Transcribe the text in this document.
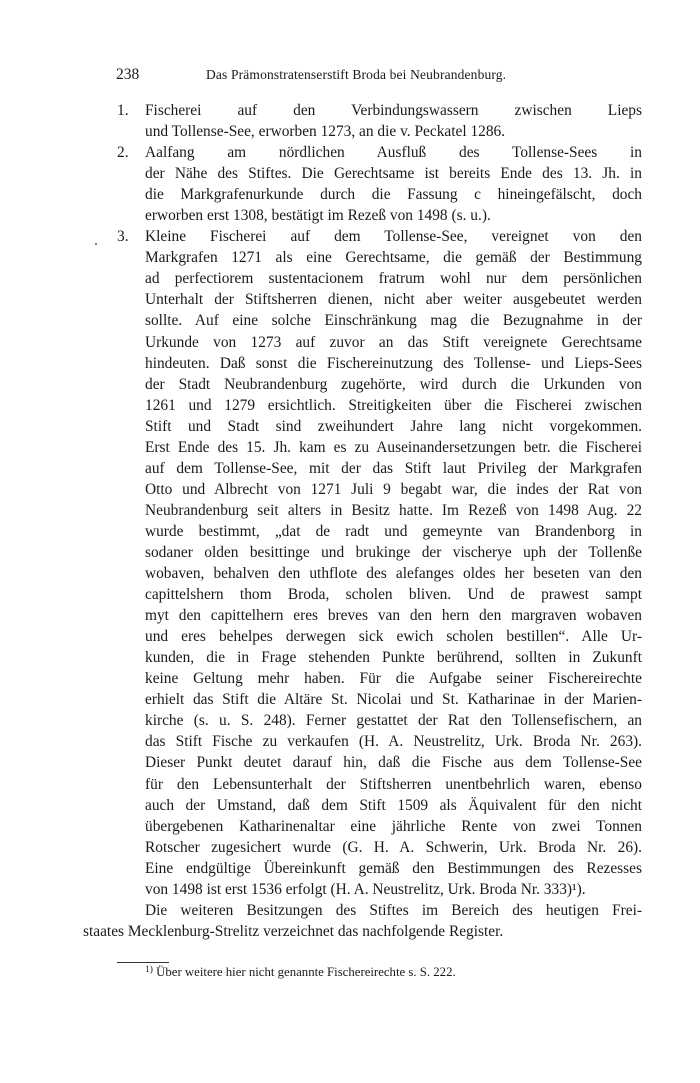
238	Das Prämonstratenserstift Broda bei Neubrandenburg.
1. Fischerei auf den Verbindungswassern zwischen Lieps
und Tollense-See, erworben 1273, an die v. Peckatel 1286.
2. Aalfang am nördlichen Ausfluß des Tollense-Sees in
der Nähe des Stiftes. Die Gerechtsame ist bereits Ende des 13. Jh. in
die Markgrafenurkunde durch die Fassung c hineingefälscht, doch
erworben erst 1308, bestätigt im Rezeß von 1498 (s. u.).
3. Kleine Fischerei auf dem Tollense-See, vereignet von den
Markgrafen 1271 als eine Gerechtsame, die gemäß der Bestimmung
ad perfectiorem sustentacionem fratrum wohl nur dem persönlichen
Unterhalt der Stiftsherren dienen, nicht aber weiter ausgebeutet werden
sollte. Auf eine solche Einschränkung mag die Bezugnahme in der
Urkunde von 1273 auf zuvor an das Stift vereignete Gerechtsame
hindeuten. Daß sonst die Fischereinutzung des Tollense- und Lieps-Sees
der Stadt Neubrandenburg zugehörte, wird durch die Urkunden von
1261 und 1279 ersichtlich. Streitigkeiten über die Fischerei zwischen
Stift und Stadt sind zweihundert Jahre lang nicht vorgekommen.
Erst Ende des 15. Jh. kam es zu Auseinandersetzungen betr. die Fischerei
auf dem Tollense-See, mit der das Stift laut Privileg der Markgrafen
Otto und Albrecht von 1271 Juli 9 begabt war, die indes der Rat von
Neubrandenburg seit alters in Besitz hatte. Im Rezeß von 1498 Aug. 22
wurde bestimmt, „dat de radt und gemeynte van Brandenborg in
sodaner olden besittinge und brukinge der vischerye uph der Tollenße
wobaven, behalven den uthflote des alefanges oldes her beseten van den
capittelshern thom Broda, scholen bliven. Und de prawest sampt
myt den capittelhern eres breves van den hern den margraven wobaven
und eres behelpes derwegen sick ewich scholen bestillen“. Alle Ur-
kunden, die in Frage stehenden Punkte berührend, sollten in Zukunft
keine Geltung mehr haben. Für die Aufgabe seiner Fischereirechte
erhielt das Stift die Altäre St. Nicolai und St. Katharinae in der Marien-
kirche (s. u. S. 248). Ferner gestattet der Rat den Tollensefischern, an
das Stift Fische zu verkaufen (H. A. Neustrelitz, Urk. Broda Nr. 263).
Dieser Punkt deutet darauf hin, daß die Fische aus dem Tollense-See
für den Lebensunterhalt der Stiftsherren unentbehrlich waren, ebenso
auch der Umstand, daß dem Stift 1509 als Äquivalent für den nicht
übergebenen Katharinenaltar eine jährliche Rente von zwei Tonnen
Rotscher zugesichert wurde (G. H. A. Schwerin, Urk. Broda Nr. 26).
Eine endgültige Übereinkunft gemäß den Bestimmungen des Rezesses
von 1498 ist erst 1536 erfolgt (H. A. Neustrelitz, Urk. Broda Nr. 333)¹).
Die weiteren Besitzungen des Stiftes im Bereich des heutigen Frei-
staates Mecklenburg-Strelitz verzeichnet das nachfolgende Register.
$^{1)}$ Über weitere hier nicht genannte Fischereirechte s. S. 222.
